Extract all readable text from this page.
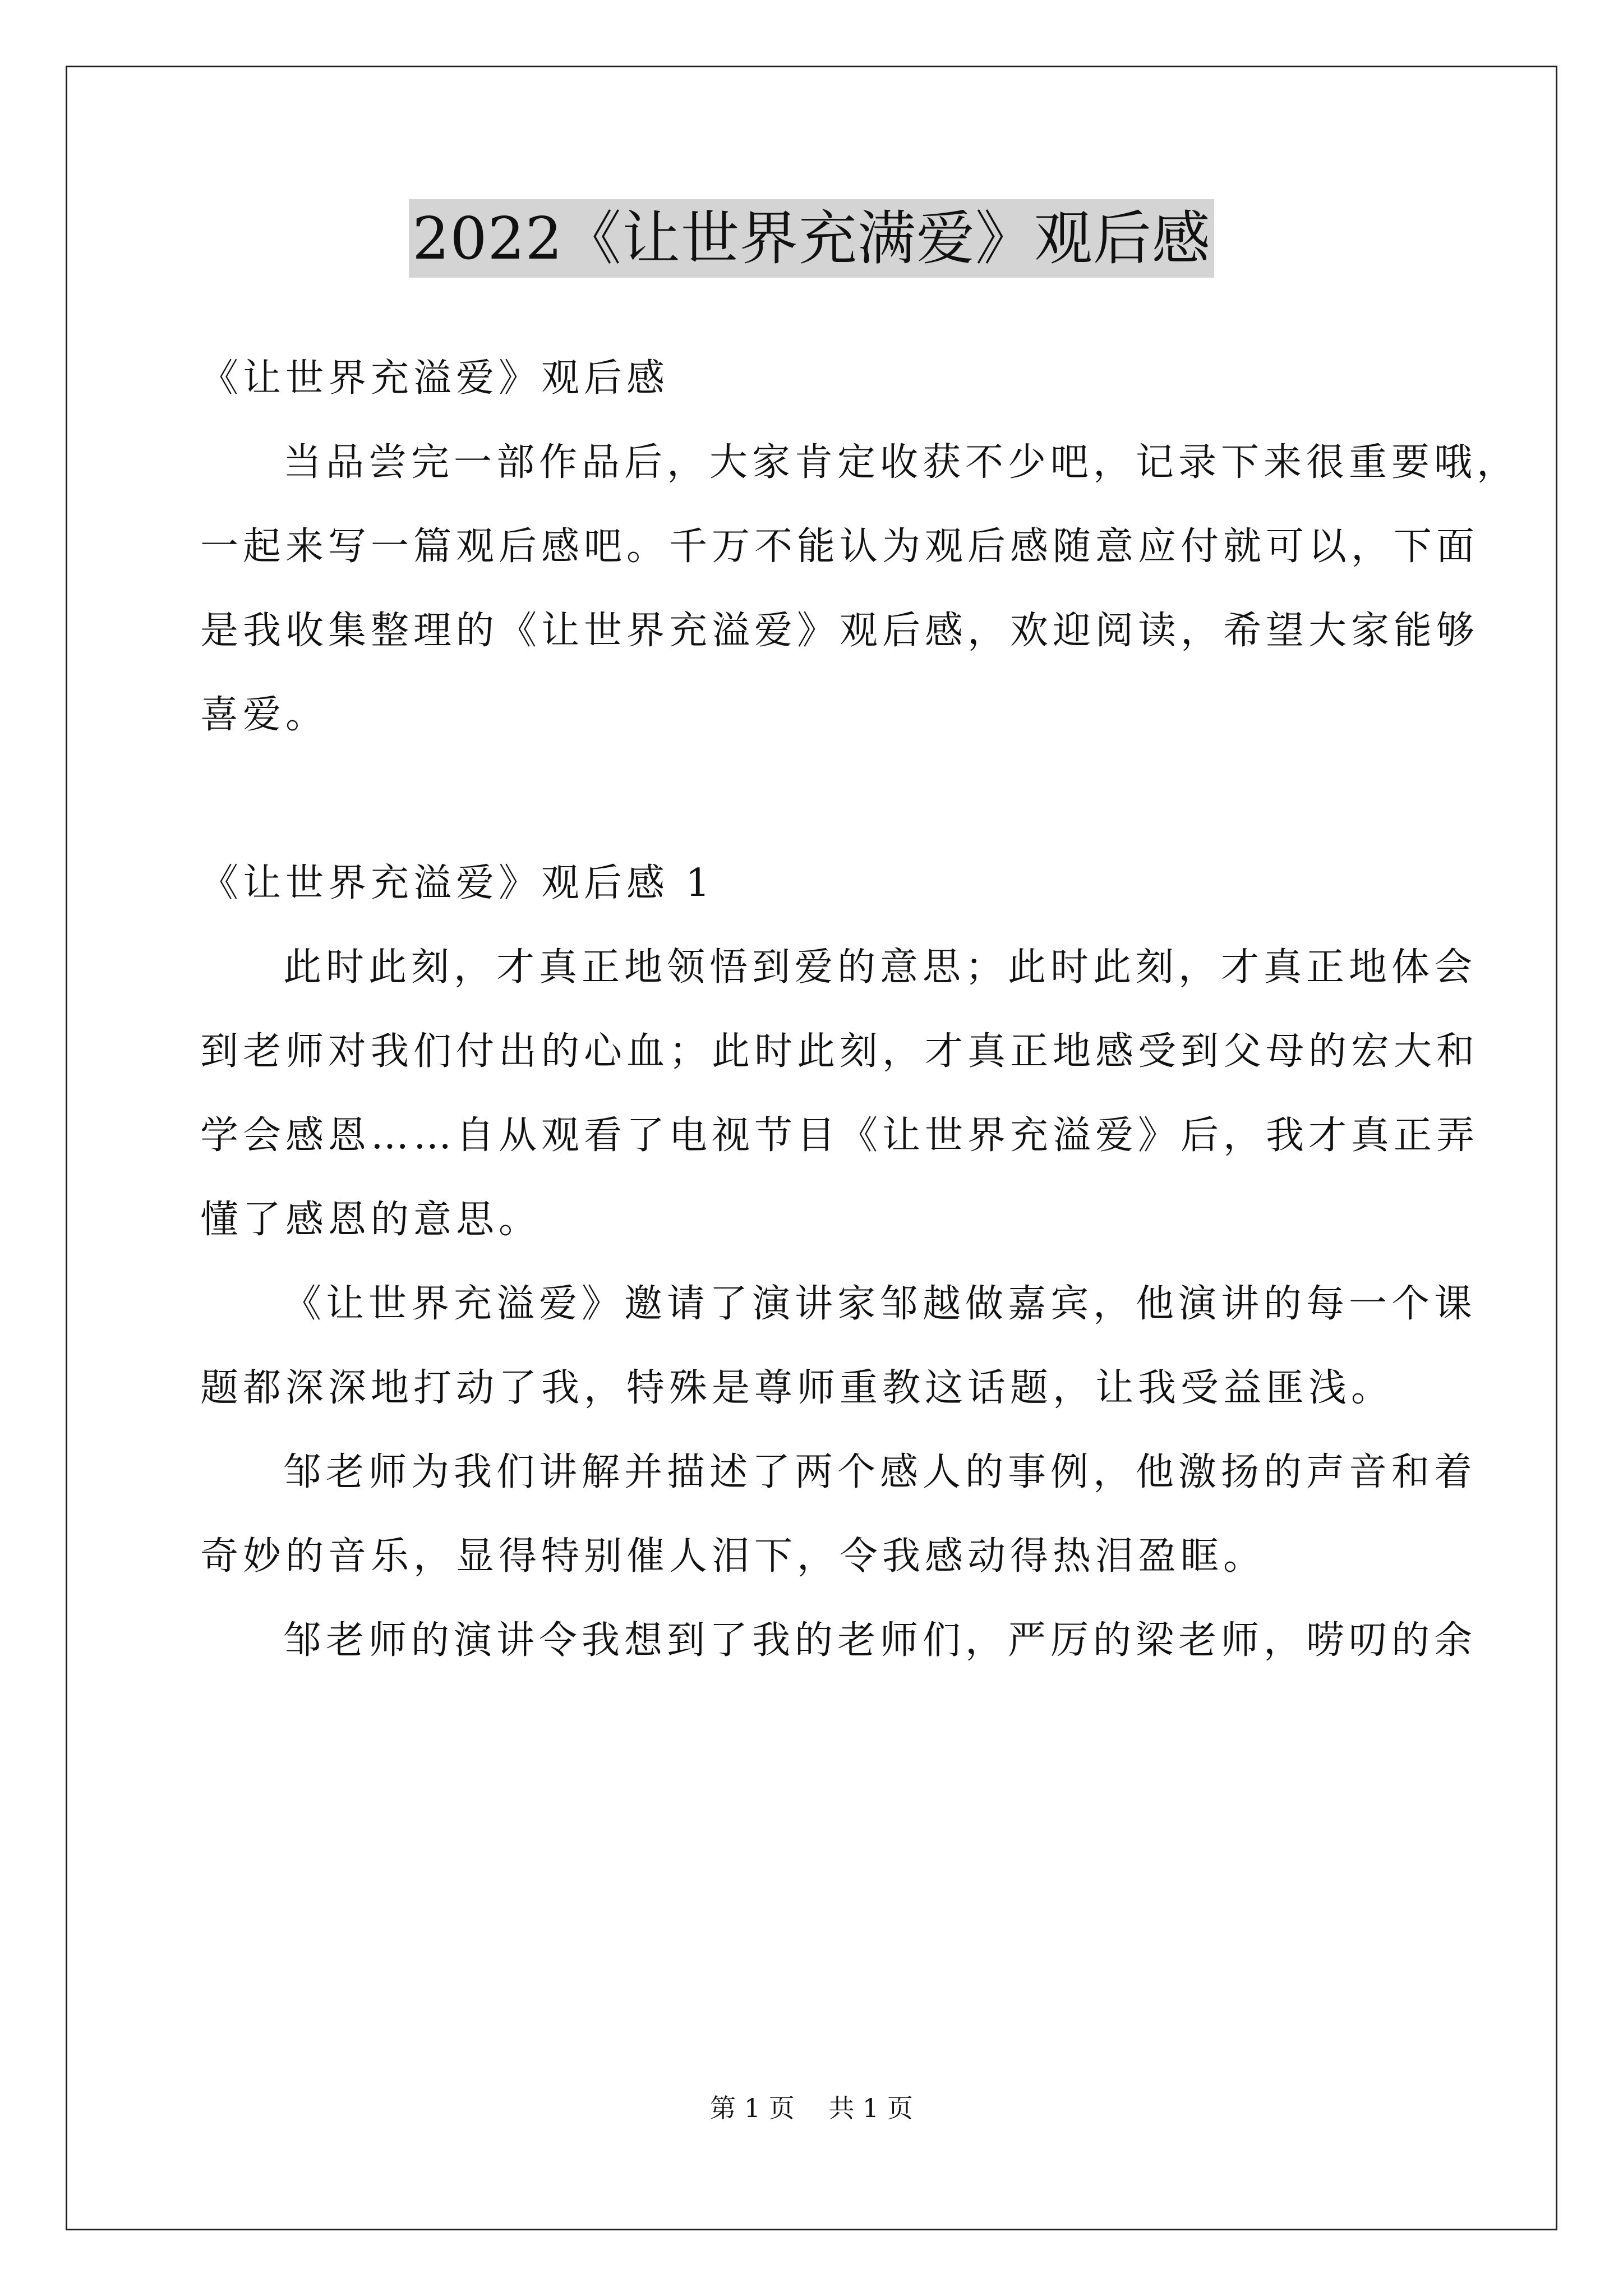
2022《让世界充满爱》观后感
《让世界充溢爱》观后感
当品尝完一部作品后，大家肯定收获不少吧，记录下来很重要哦，
一起来写一篇观后感吧。千万不能认为观后感随意应付就可以，下面
是我收集整理的《让世界充溢爱》观后感，欢迎阅读，希望大家能够
喜爱。
《让世界充溢爱》观后感 1
此时此刻，才真正地领悟到爱的意思；此时此刻，才真正地体会
到老师对我们付出的心血；此时此刻，才真正地感受到父母的宏大和
学会感恩……自从观看了电视节目《让世界充溢爱》后，我才真正弄
懂了感恩的意思。
《让世界充溢爱》邀请了演讲家邹越做嘉宾，他演讲的每一个课
题都深深地打动了我，特殊是尊师重教这话题，让我受益匪浅。
邹老师为我们讲解并描述了两个感人的事例，他激扬的声音和着
奇妙的音乐，显得特别催人泪下，令我感动得热泪盈眶。
邹老师的演讲令我想到了我的老师们，严厉的梁老师，唠叨的余
第 1 页 共 1 页
